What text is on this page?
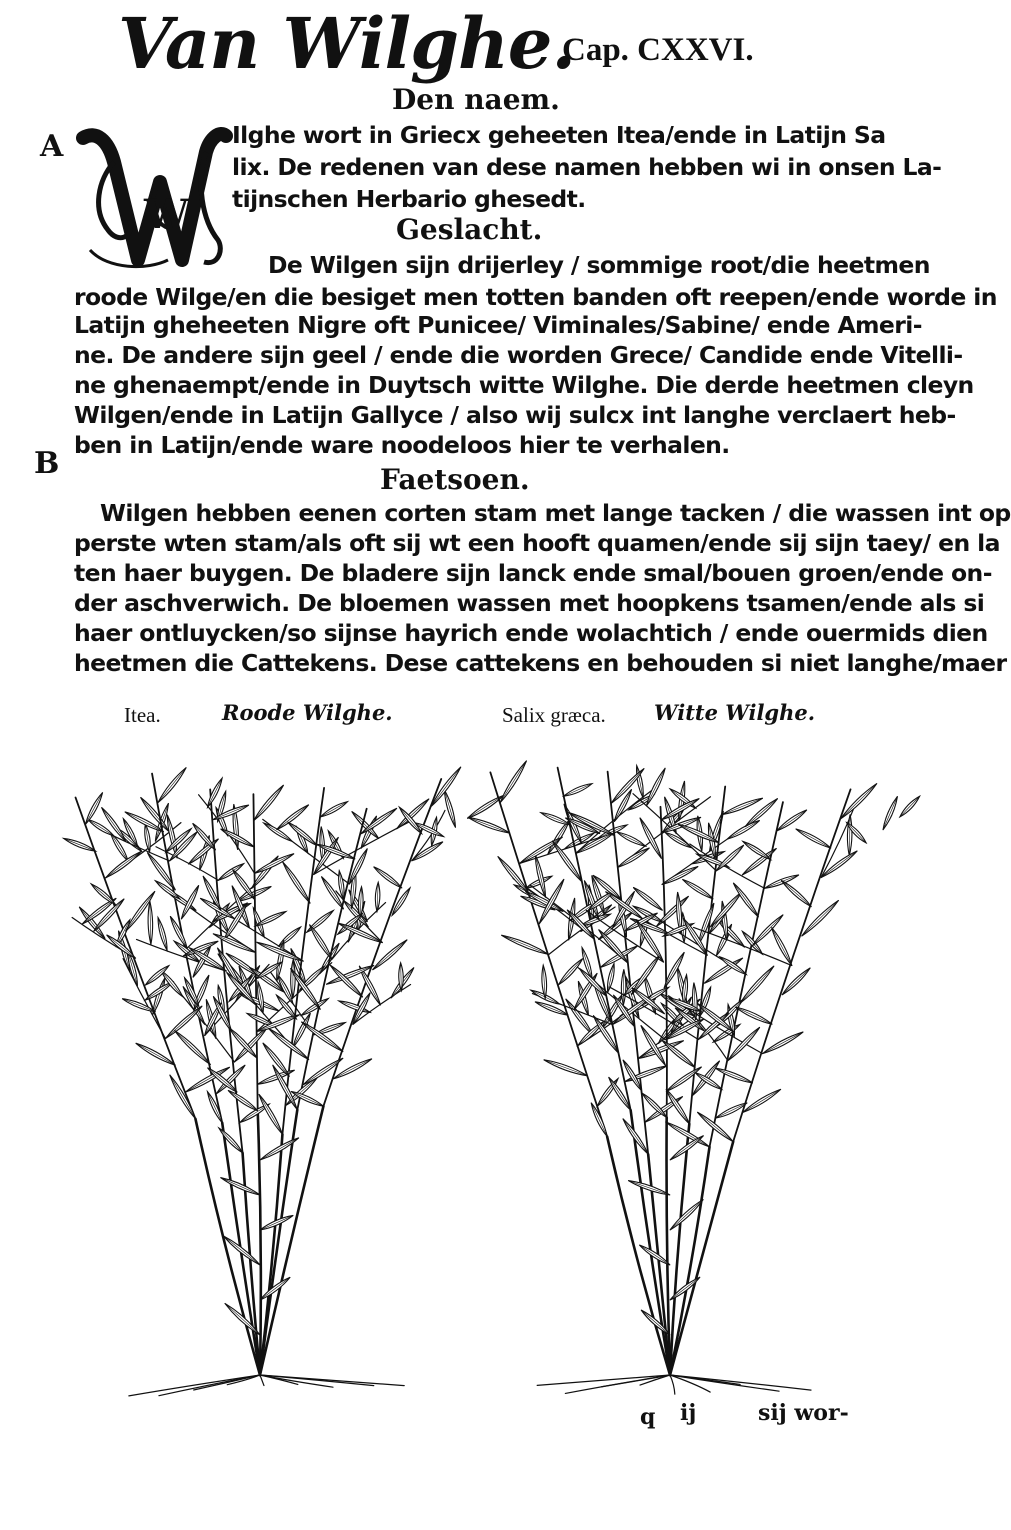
Van Wilghe.
Cap. CXXVI.
Den naem.
A
B
W
Ilghe wort in Griecx geheeten Itea/ende in Latijn Sa
lix. De redenen van dese namen hebben wi in onsen La-
tijnschen Herbario ghesedt.
Geslacht.
De Wilgen sijn drijerley / sommige root/die heetmen
roode Wilge/en die besiget men totten banden oft reepen/ende worde in
Latijn gheheeten Nigre oft Punicee/ Viminales/Sabine/ ende Ameri-
ne. De andere sijn geel / ende die worden Grece/ Candide ende Vitelli-
ne ghenaempt/ende in Duytsch witte Wilghe. Die derde heetmen cleyn
Wilgen/ende in Latijn Gallyce / also wij sulcx int langhe verclaert heb-
ben in Latijn/ende ware noodeloos hier te verhalen.
Faetsoen.
Wilgen hebben eenen corten stam met lange tacken / die wassen int op
perste wten stam/als oft sij wt een hooft quamen/ende sij sijn taey/ en la
ten haer buygen. De bladere sijn lanck ende smal/bouen groen/ende on-
der aschverwich. De bloemen wassen met hoopkens tsamen/ende als si
haer ontluycken/so sijnse hayrich ende wolachtich / ende ouermids dien
heetmen die Cattekens. Dese cattekens en behouden si niet langhe/maer
Itea.	Roode Wilghe.	Salix græca. Witte Wilghe.
q ij	sij wor-
